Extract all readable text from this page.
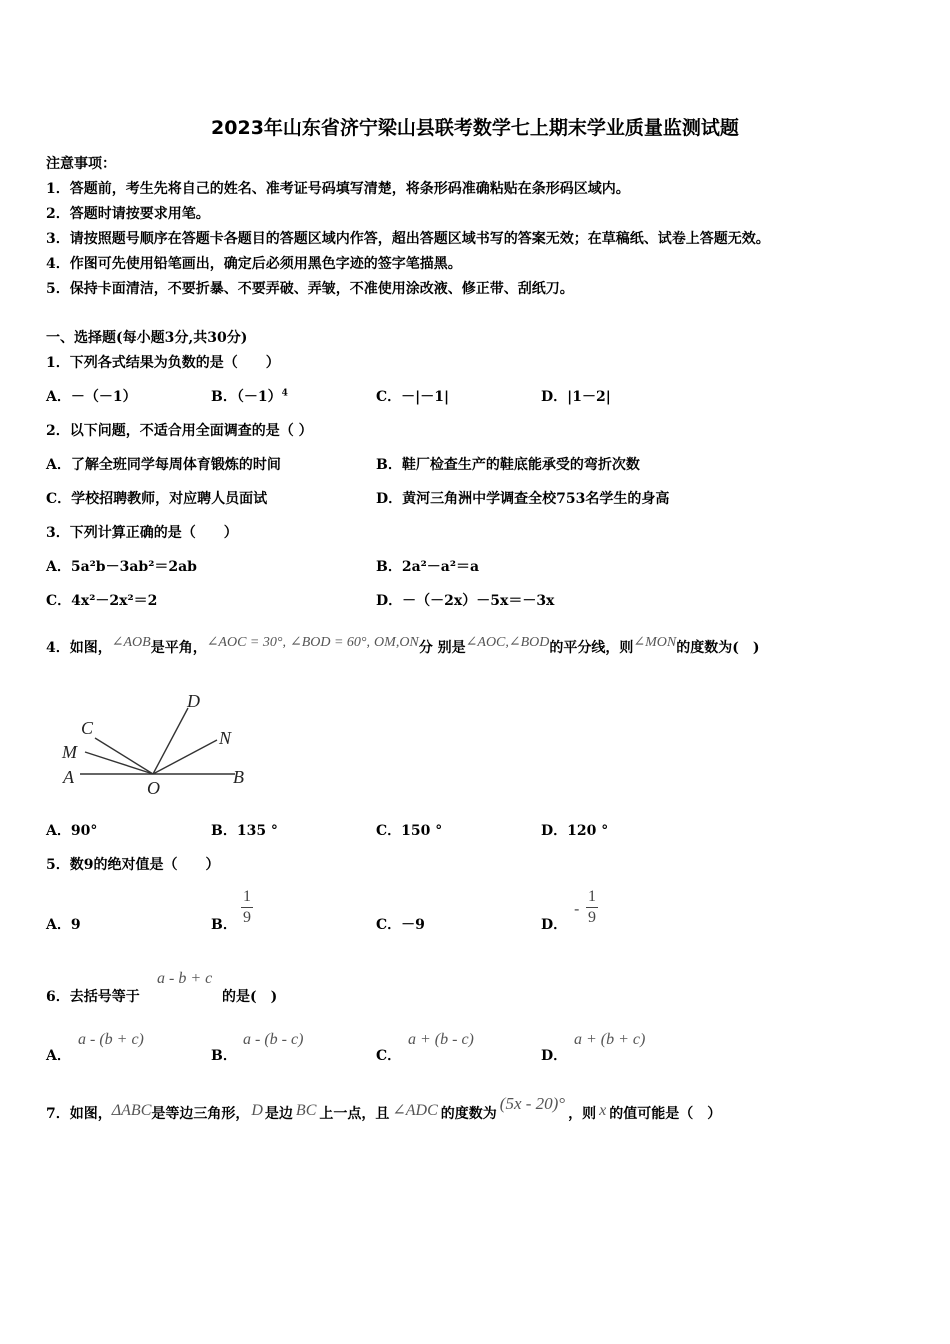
2023年山东省济宁梁山县联考数学七上期末学业质量监测试题
注意事项：
1．答题前，考生先将自己的姓名、准考证号码填写清楚，将条形码准确粘贴在条形码区域内。
2．答题时请按要求用笔。
3．请按照题号顺序在答题卡各题目的答题区域内作答，超出答题区域书写的答案无效；在草稿纸、试卷上答题无效。
4．作图可先使用铅笔画出，确定后必须用黑色字迹的签字笔描黑。
5．保持卡面清洁，不要折暴、不要弄破、弄皱，不准使用涂改液、修正带、刮纸刀。
一、选择题(每小题3分,共30分)
1．下列各式结果为负数的是（　　）
A．－（－1）	B．$(-1)^4$	C．－|－1|	D．|1－2|
2．以下问题，不适合用全面调查的是（ ）
A．了解全班同学每周体育锻炼的时间	B．鞋厂检查生产的鞋底能承受的弯折次数
C．学校招聘教师，对应聘人员面试	D．黄河三角洲中学调查全校753名学生的身高
3．下列计算正确的是（　　）
A．5a²b－3ab²＝2ab	B．2a²－a²＝a
C．4x²－2x²＝2	D．－（－2x）－5x＝－3x
4．如图，∠AOB是平角，∠AOC = 30°, ∠BOD = 60°, OM,ON分 别是∠AOC,∠BOD的平分线，则∠MON的度数为(　)
D
C	N
M
A
O
B
A．90°	B．135 °	C．150 °	D．120 °
5．数9的绝对值是（　　）
A．9	B． $\frac{1}{9}$	C．－9	D．
- $\frac{1}{9}$
6．去括号等于
a - b + c
的是(　)
A．
a - (b + c)
B．
a - (b - c)
C．
a + (b - c)
D．
a + (b + c)
7．如图，ΔABC是等边三角形， D 是边 BC 上一点，且 ∠ADC 的度数为(5x - 20)°，则 x 的值可能是（　）
